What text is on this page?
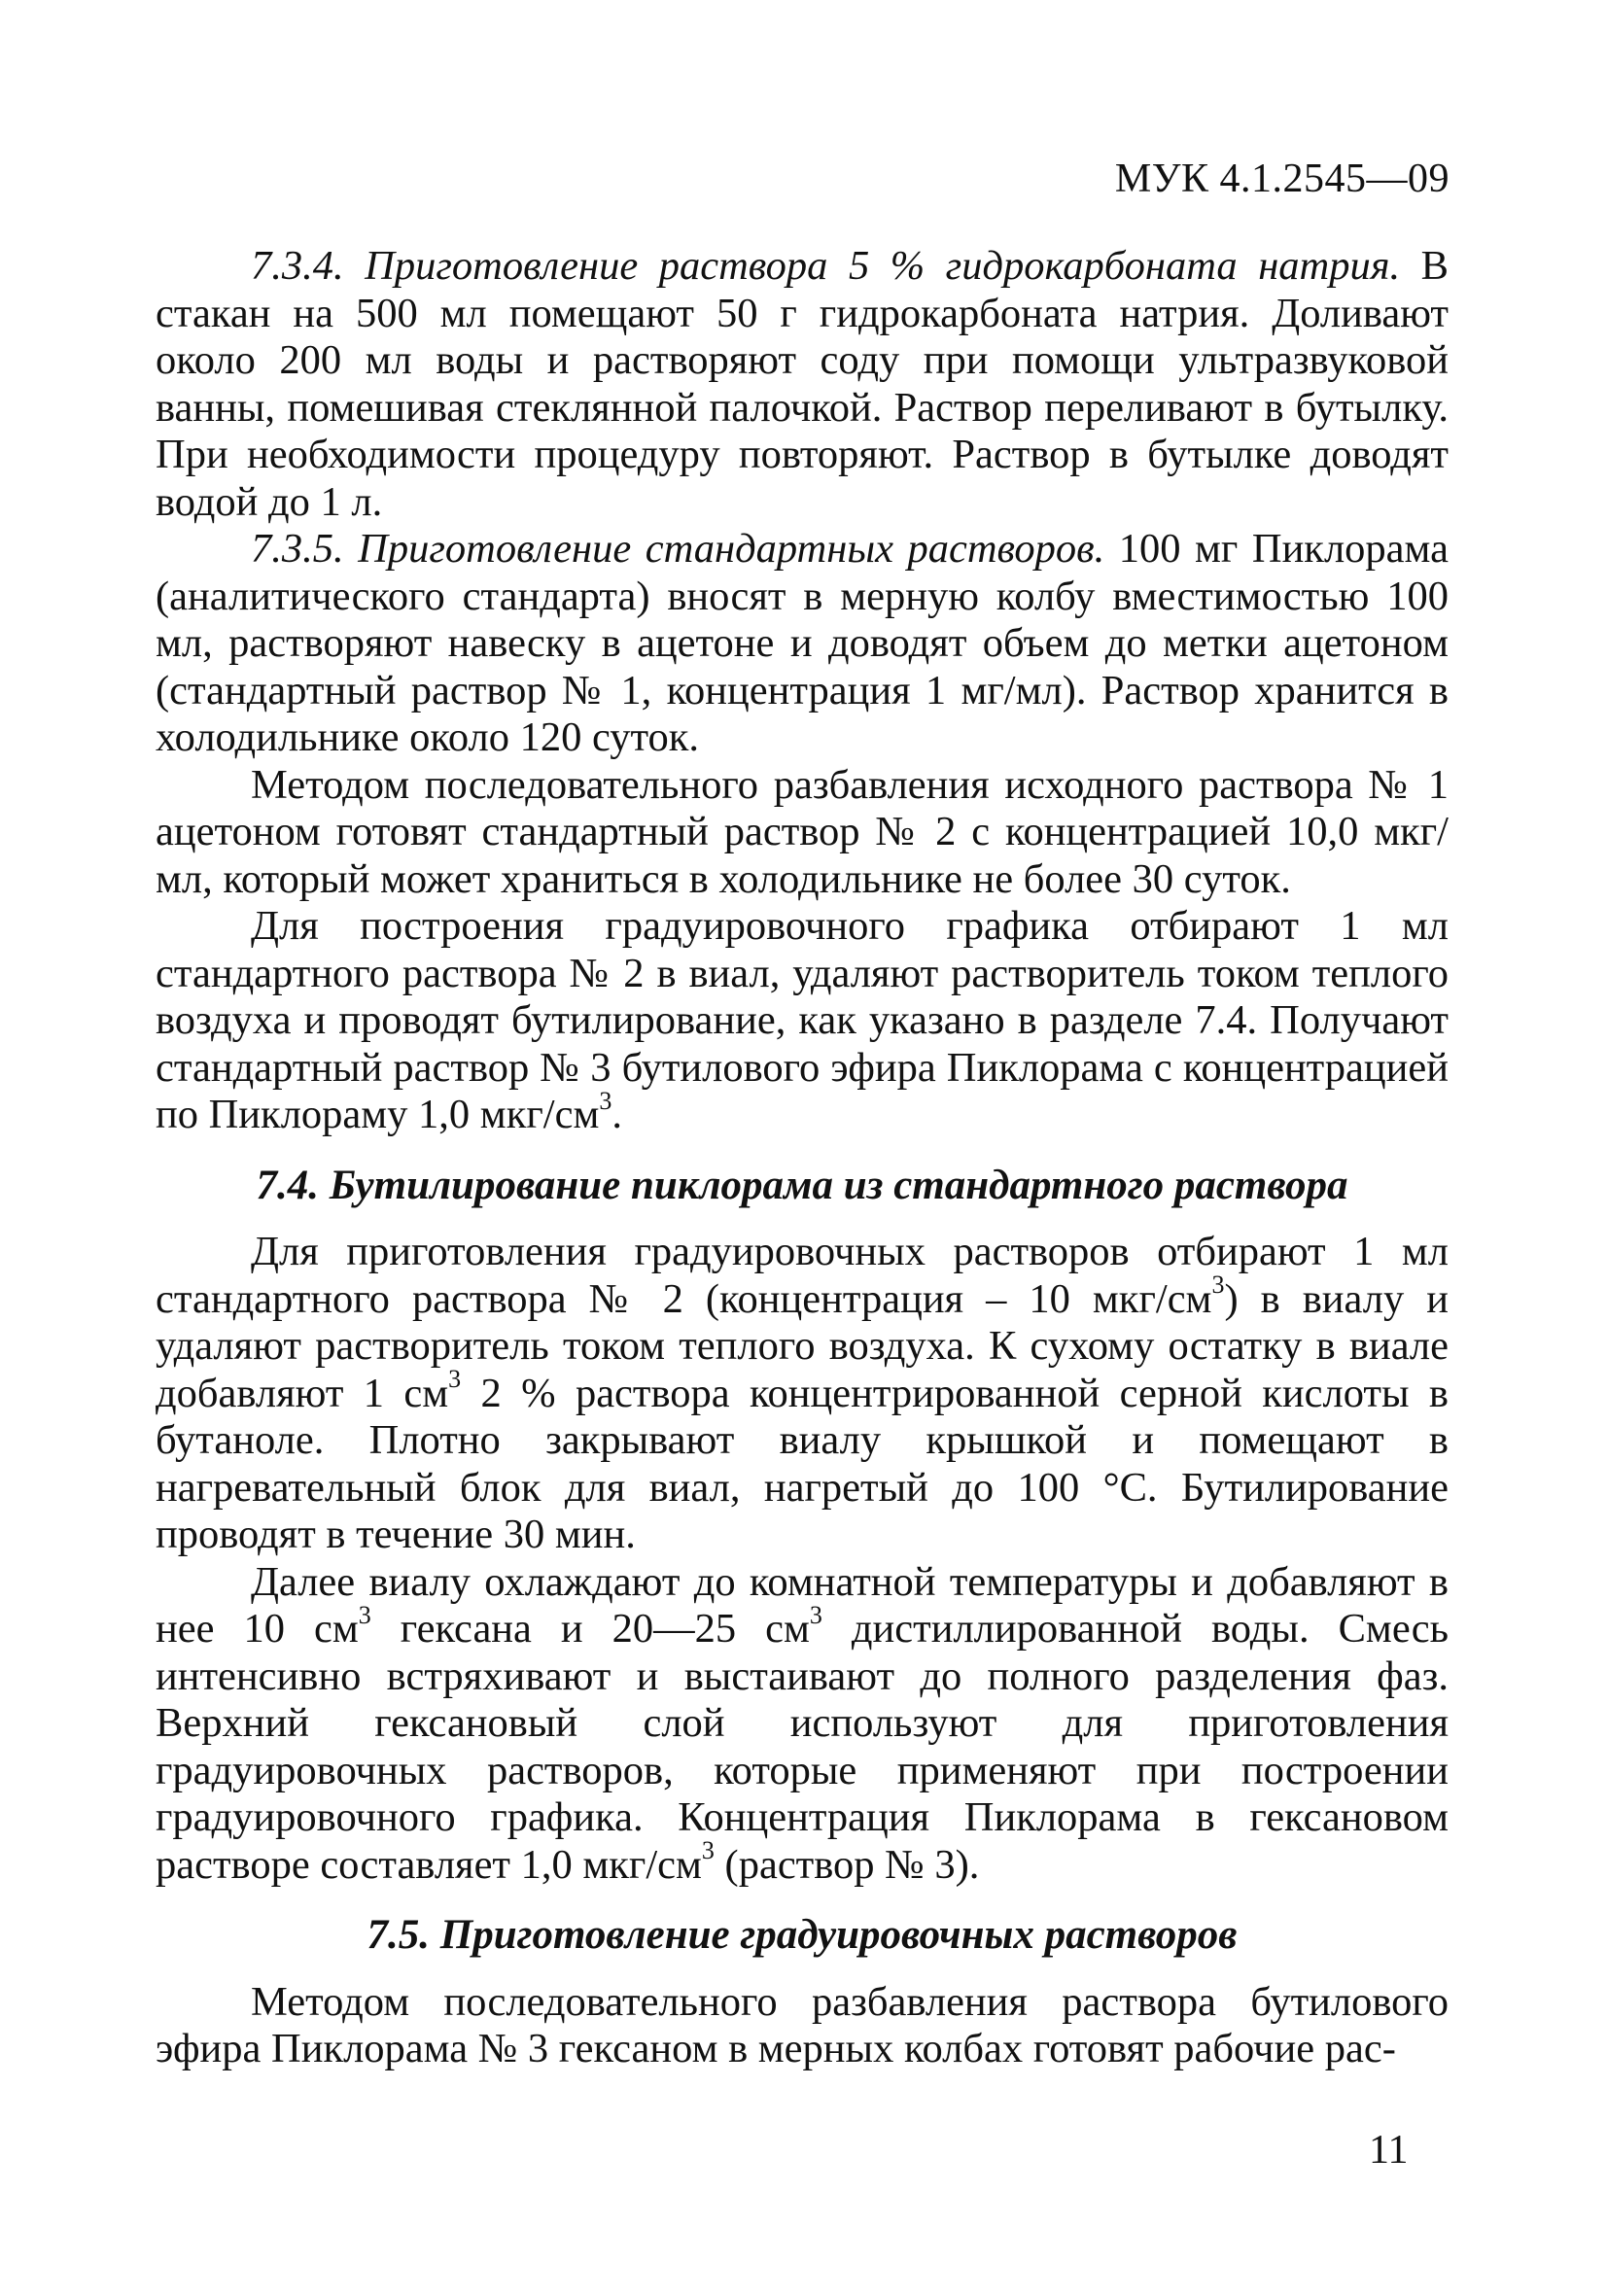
МУК 4.1.2545—09

7.3.4. Приготовление раствора 5 % гидрокарбоната натрия. В стакан на 500 мл помещают 50 г гидрокарбоната натрия. Доливают около 200 мл воды и растворяют соду при помощи ультразвуковой ванны, помешивая стеклянной палочкой. Раствор переливают в бутылку. При необходимости процедуру повторяют. Раствор в бутылке доводят водой до 1 л.

7.3.5. Приготовление стандартных растворов. 100 мг Пиклорама (аналитического стандарта) вносят в мерную колбу вместимостью 100 мл, растворяют навеску в ацетоне и доводят объем до метки ацетоном (стандартный раствор № 1, концентрация 1 мг/мл). Раствор хранится в холодильнике около 120 суток.

Методом последовательного разбавления исходного раствора № 1 ацетоном готовят стандартный раствор № 2 с концентрацией 10,0 мкг/мл, который может храниться в холодильнике не более 30 суток.

Для построения градуировочного графика отбирают 1 мл стандартного раствора № 2 в виал, удаляют растворитель током теплого воздуха и проводят бутилирование, как указано в разделе 7.4. Получают стандартный раствор № 3 бутилового эфира Пиклорама с концентрацией по Пиклораму 1,0 мкг/$см^3$.

7.4. Бутилирование пиклорама из стандартного раствора

Для приготовления градуировочных растворов отбирают 1 мл стандартного раствора № 2 (концентрация – 10 мкг/$см^3$) в виалу и удаляют растворитель током теплого воздуха. К сухому остатку в виале добавляют 1 $см^3$ 2 % раствора концентрированной серной кислоты в бутаноле. Плотно закрывают виалу крышкой и помещают в нагревательный блок для виал, нагретый до 100 °С. Бутилирование проводят в течение 30 мин.

Далее виалу охлаждают до комнатной температуры и добавляют в нее 10 $см^3$ гексана и 20—25 $см^3$ дистиллированной воды. Смесь интенсивно встряхивают и выстаивают до полного разделения фаз. Верхний гексановый слой используют для приготовления градуировочных растворов, которые применяют при построении градуировочного графика. Концентрация Пиклорама в гексановом растворе составляет 1,0 мкг/$см^3$ (раствор № 3).

7.5. Приготовление градуировочных растворов

Методом последовательного разбавления раствора бутилового эфира Пиклорама № 3 гексаном в мерных колбах готовят рабочие рас-

11
